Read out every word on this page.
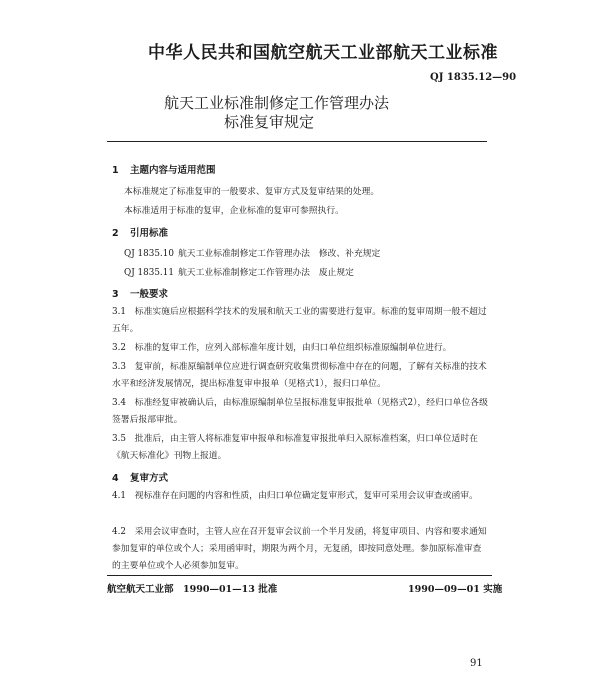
中华人民共和国航空航天工业部航天工业标准
QJ 1835.12—90
航天工业标准制修定工作管理办法
标准复审规定
1 主题内容与适用范围
本标准规定了标准复审的一般要求、复审方式及复审结果的处理。
本标准适用于标准的复审，企业标准的复审可参照执行。
2 引用标准
QJ 1835.10 航天工业标准制修定工作管理办法　修改、补充规定
QJ 1835.11 航天工业标准制修定工作管理办法　废止规定
3 一般要求
3.1　标准实施后应根据科学技术的发展和航天工业的需要进行复审。标准的复审周期一般不超过五年。
3.2　标准的复审工作，应列入部标准年度计划，由归口单位组织标准原编制单位进行。
3.3　复审前，标准原编制单位应进行调查研究收集贯彻标准中存在的问题，了解有关标准的技术水平和经济发展情况，提出标准复审申报单（见格式1），报归口单位。
3.4　标准经复审被确认后，由标准原编制单位呈报标准复审报批单（见格式2），经归口单位各级签署后报部审批。
3.5　批准后，由主管人将标准复审申报单和标准复审报批单归入原标准档案，归口单位适时在《航天标准化》刊物上报道。
4 复审方式
4.1　视标准存在问题的内容和性质，由归口单位确定复审形式，复审可采用会议审查或函审。
4.2　采用会议审查时，主管人应在召开复审会议前一个半月发函，将复审项目、内容和要求通知参加复审的单位或个人；采用函审时，期限为两个月，无复函，即按同意处理。参加原标准审查的主要单位或个人必须参加复审。
航空航天工业部　1990—01—13 批准	1990—09—01 实施
91
